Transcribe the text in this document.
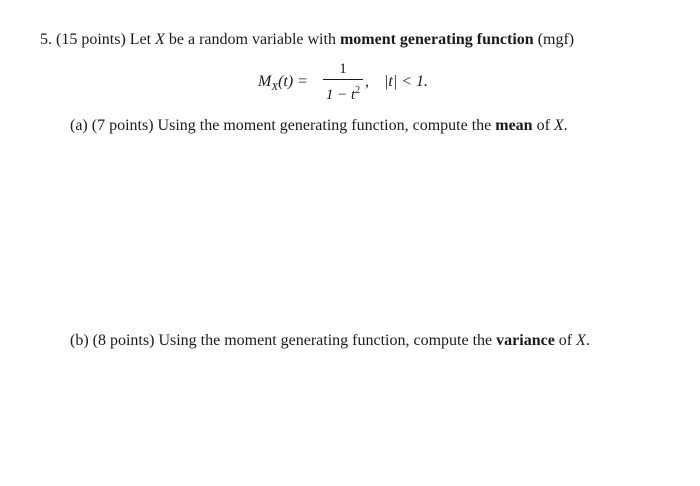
5. (15 points) Let X be a random variable with moment generating function (mgf)
$M_X(t)$ =
1
$1 - t^2$
, |t| < 1.
(a) (7 points) Using the moment generating function, compute the mean of X.
(b) (8 points) Using the moment generating function, compute the variance of X.
